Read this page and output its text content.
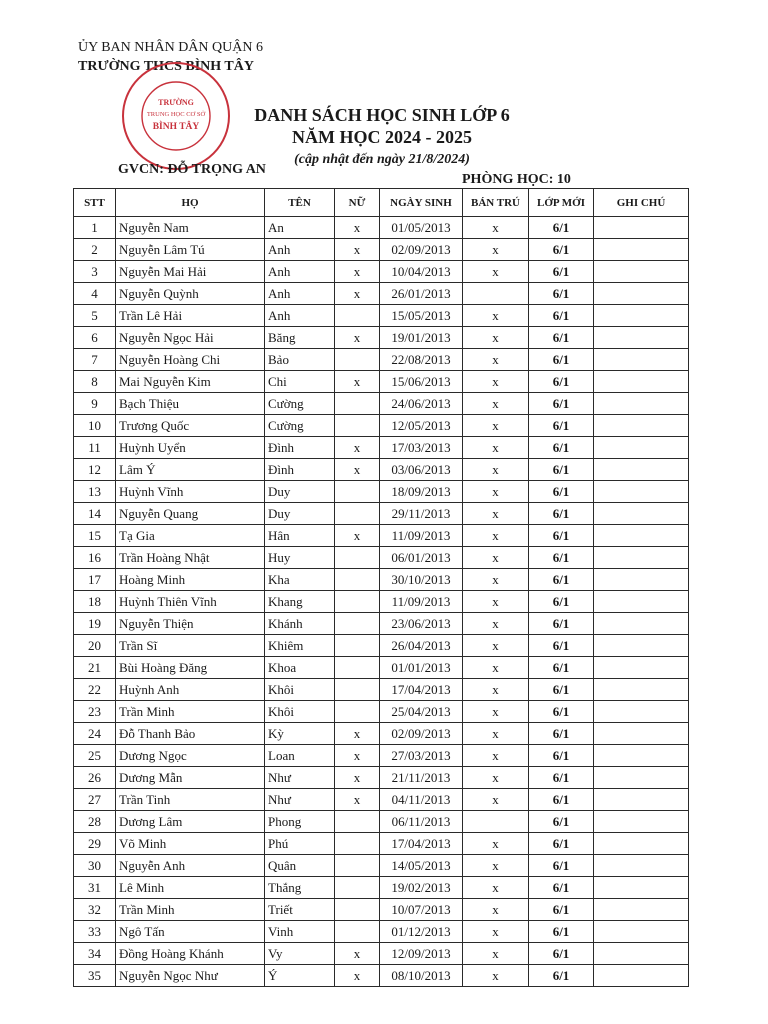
ỦY BAN NHÂN DÂN QUẬN 6
TRƯỜNG THCS BÌNH TÂY
TRƯỜNG
TRUNG HỌC CƠ SỞ
BÌNH TÂY
DANH SÁCH HỌC SINH LỚP 6
NĂM HỌC 2024 - 2025
(cập nhật đến ngày 21/8/2024)
GVCN: ĐỖ TRỌNG AN
PHÒNG HỌC: 10
STT	HỌ	TÊN	NỮ	NGÀY SINH	BÁN TRÚ	LỚP MỚI	GHI CHÚ
1	Nguyễn Nam	An	x	01/05/2013	x	6/1	
2	Nguyễn Lâm Tú	Anh	x	02/09/2013	x	6/1	
3	Nguyễn Mai Hải	Anh	x	10/04/2013	x	6/1	
4	Nguyễn Quỳnh	Anh	x	26/01/2013		6/1	
5	Trần Lê Hải	Anh		15/05/2013	x	6/1	
6	Nguyễn Ngọc Hải	Băng	x	19/01/2013	x	6/1	
7	Nguyễn Hoàng Chi	Bảo		22/08/2013	x	6/1	
8	Mai Nguyễn Kim	Chi	x	15/06/2013	x	6/1	
9	Bạch Thiệu	Cường		24/06/2013	x	6/1	
10	Trương Quốc	Cường		12/05/2013	x	6/1	
11	Huỳnh Uyển	Đình	x	17/03/2013	x	6/1	
12	Lâm Ý	Đình	x	03/06/2013	x	6/1	
13	Huỳnh Vĩnh	Duy		18/09/2013	x	6/1	
14	Nguyễn Quang	Duy		29/11/2013	x	6/1	
15	Tạ Gia	Hân	x	11/09/2013	x	6/1	
16	Trần Hoàng Nhật	Huy		06/01/2013	x	6/1	
17	Hoàng Minh	Kha		30/10/2013	x	6/1	
18	Huỳnh Thiên Vĩnh	Khang		11/09/2013	x	6/1	
19	Nguyễn Thiện	Khánh		23/06/2013	x	6/1	
20	Trần Sĩ	Khiêm		26/04/2013	x	6/1	
21	Bùi Hoàng Đăng	Khoa		01/01/2013	x	6/1	
22	Huỳnh Anh	Khôi		17/04/2013	x	6/1	
23	Trần Minh	Khôi		25/04/2013	x	6/1	
24	Đỗ Thanh Bảo	Kỳ	x	02/09/2013	x	6/1	
25	Dương Ngọc	Loan	x	27/03/2013	x	6/1	
26	Dương Mẫn	Như	x	21/11/2013	x	6/1	
27	Trần Tinh	Như	x	04/11/2013	x	6/1	
28	Dương Lâm	Phong		06/11/2013		6/1	
29	Võ Minh	Phú		17/04/2013	x	6/1	
30	Nguyễn Anh	Quân		14/05/2013	x	6/1	
31	Lê Minh	Thắng		19/02/2013	x	6/1	
32	Trần Minh	Triết		10/07/2013	x	6/1	
33	Ngô Tấn	Vinh		01/12/2013	x	6/1	
34	Đồng Hoàng Khánh	Vy	x	12/09/2013	x	6/1	
35	Nguyễn Ngọc Như	Ý	x	08/10/2013	x	6/1	
